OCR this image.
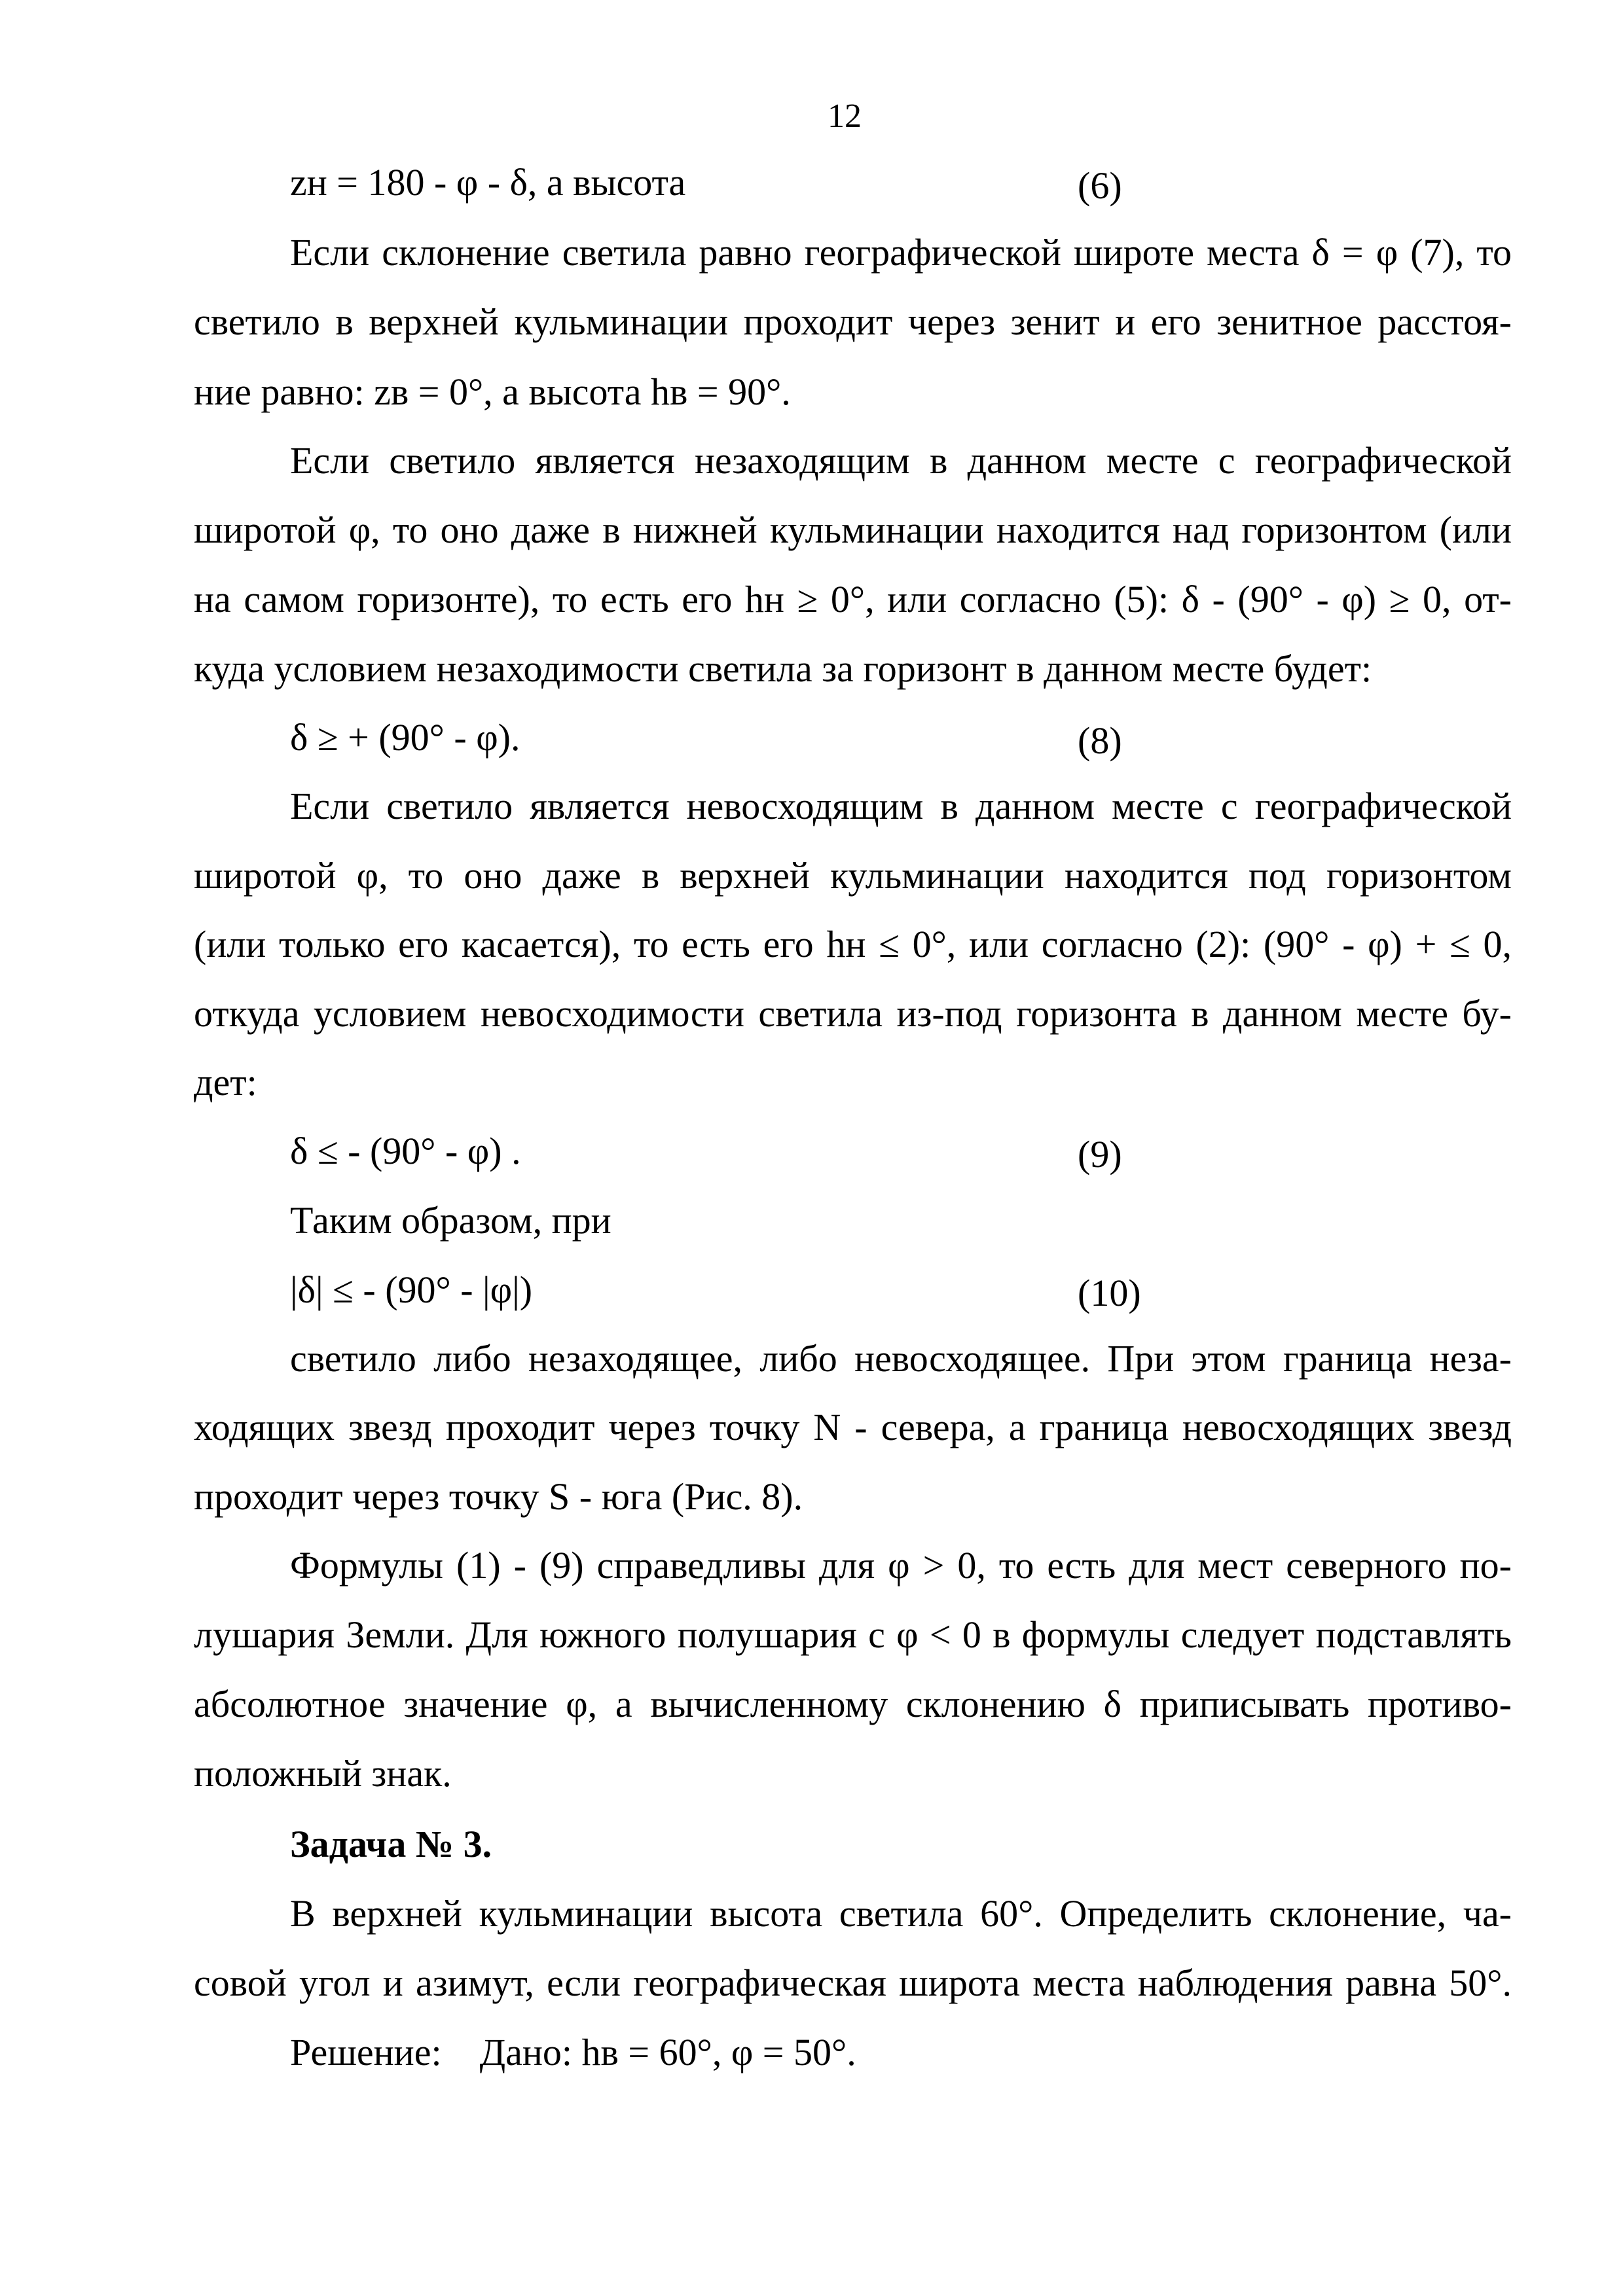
12
zн = 180 - φ - δ, а высота	(6)
Если склонение светила равно географической широте места δ = φ (7), то
светило в верхней кульминации проходит через зенит и его зенитное расстоя-
ние равно: zв = 0°, а высота hв = 90°.
Если светило является незаходящим в данном месте с географической
широтой φ, то оно даже в нижней кульминации находится над горизонтом (или
на самом горизонте), то есть его hн ≥ 0°, или согласно (5): δ - (90° - φ) ≥ 0, от-
куда условием незаходимости светила за горизонт в данном месте будет:
δ ≥ + (90° - φ).	(8)
Если светило является невосходящим в данном месте с географической
широтой φ, то оно даже в верхней кульминации находится под горизонтом
(или только его касается), то есть его hн ≤ 0°, или согласно (2): (90° - φ) + ≤ 0,
откуда условием невосходимости светила из-под горизонта в данном месте бу-
дет:
δ ≤ - (90° - φ) .	(9)
Таким образом, при
|δ| ≤ - (90° - |φ|)	(10)
светило либо незаходящее, либо невосходящее. При этом граница неза-
ходящих звезд проходит через точку N - севера, а граница невосходящих звезд
проходит через точку S - юга (Рис. 8).
Формулы (1) - (9) справедливы для φ > 0, то есть для мест северного по-
лушария Земли. Для южного полушария с φ < 0 в формулы следует подставлять
абсолютное значение φ, а вычисленному склонению δ приписывать противо-
положный знак.
Задача № 3.
В верхней кульминации высота светила 60°. Определить склонение, ча-
совой угол и азимут, если географическая широта места наблюдения равна 50°.
Решение:    Дано: hв = 60°, φ = 50°.
